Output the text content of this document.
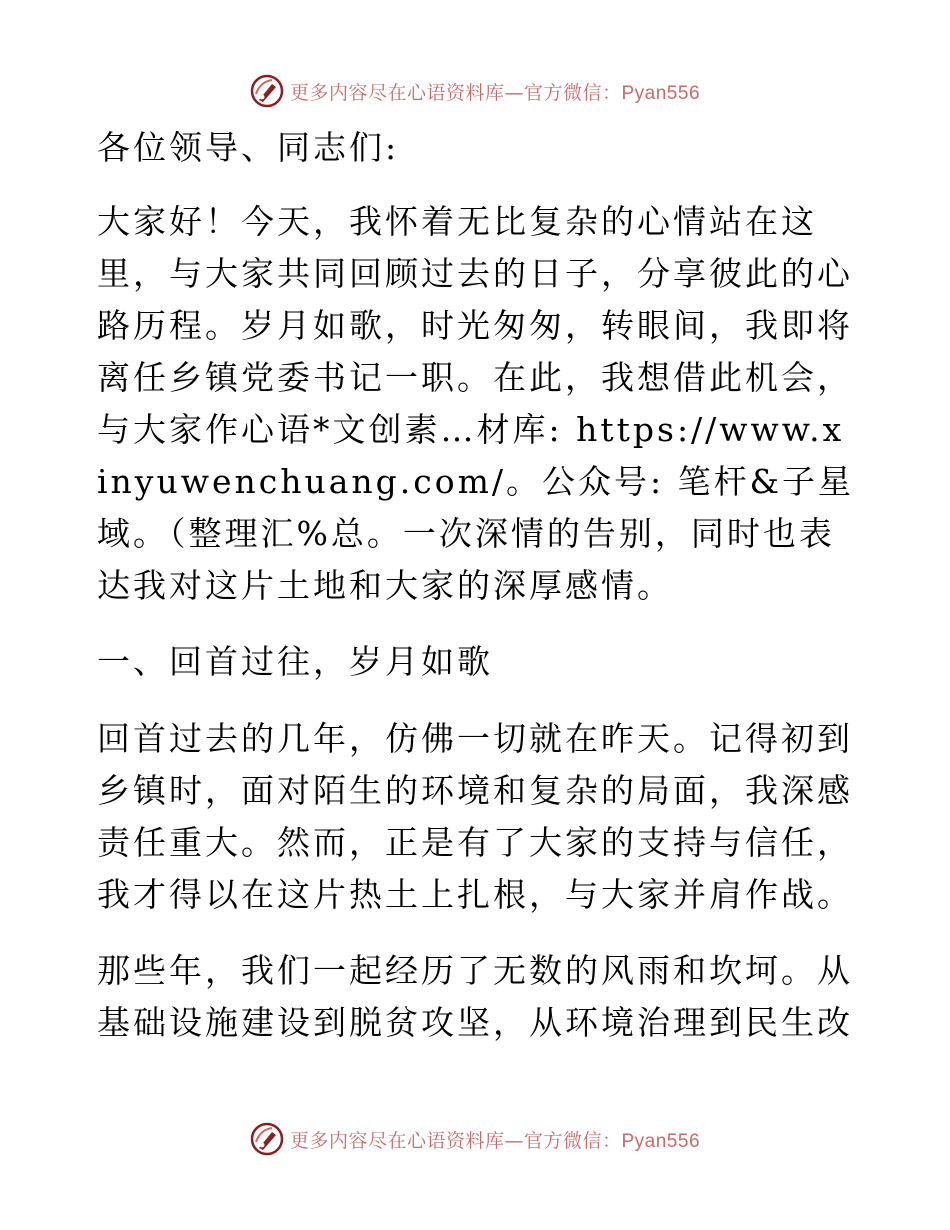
更多内容尽在心语资料库—官方微信：Pyan556

各位领导、同志们:

大家好！今天，我怀着无比复杂的心情站在这里，与大家共同回顾过去的日子，分享彼此的心路历程。岁月如歌，时光匆匆，转眼间，我即将离任乡镇党委书记一职。在此，我想借此机会，与大家作心语*文创素…材库: https://www.xinyuwenchuang.com/。公众号: 笔杆&子星域。（整理汇%总。一次深情的告别，同时也表达我对这片土地和大家的深厚感情。

一、回首过往，岁月如歌

回首过去的几年，仿佛一切就在昨天。记得初到乡镇时，面对陌生的环境和复杂的局面，我深感责任重大。然而，正是有了大家的支持与信任，我才得以在这片热土上扎根，与大家并肩作战。

那些年，我们一起经历了无数的风雨和坎坷。从基础设施建设到脱贫攻坚，从环境治理到民生改

更多内容尽在心语资料库—官方微信：Pyan556
